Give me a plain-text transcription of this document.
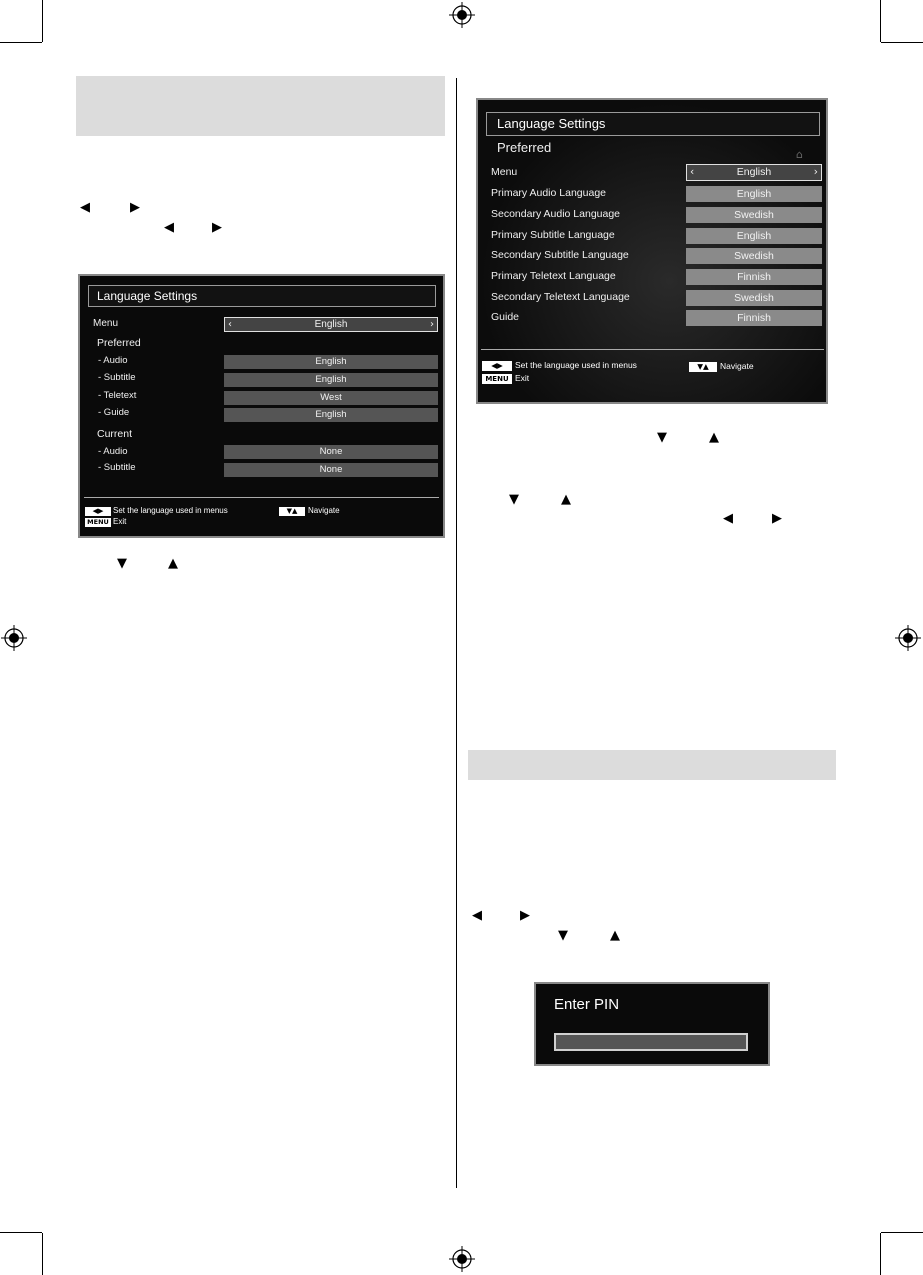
◀	▶
◀	▶
▼	▲
▼	▲
▼	▲
◀	▶
◀	▶
▼	▲
Language Settings
Menu	‹	English	›
Preferred
- Audio	English
- Subtitle	English
- Teletext	West
- Guide	English
Current
- Audio	None
- Subtitle	None
◀▶	Set the language used in menus	▼▲	Navigate
MENU Exit
Language Settings
Preferred	⌂
Menu	‹	English	›
Primary Audio Language	English
Secondary Audio Language	Swedish
Primary Subtitle Language	English
Secondary Subtitle Language	Swedish
Primary Teletext Language	Finnish
Secondary Teletext Language	Swedish
Guide	Finnish
◀▶	Set the language used in menus	▼▲	Navigate
MENU Exit
Enter PIN
